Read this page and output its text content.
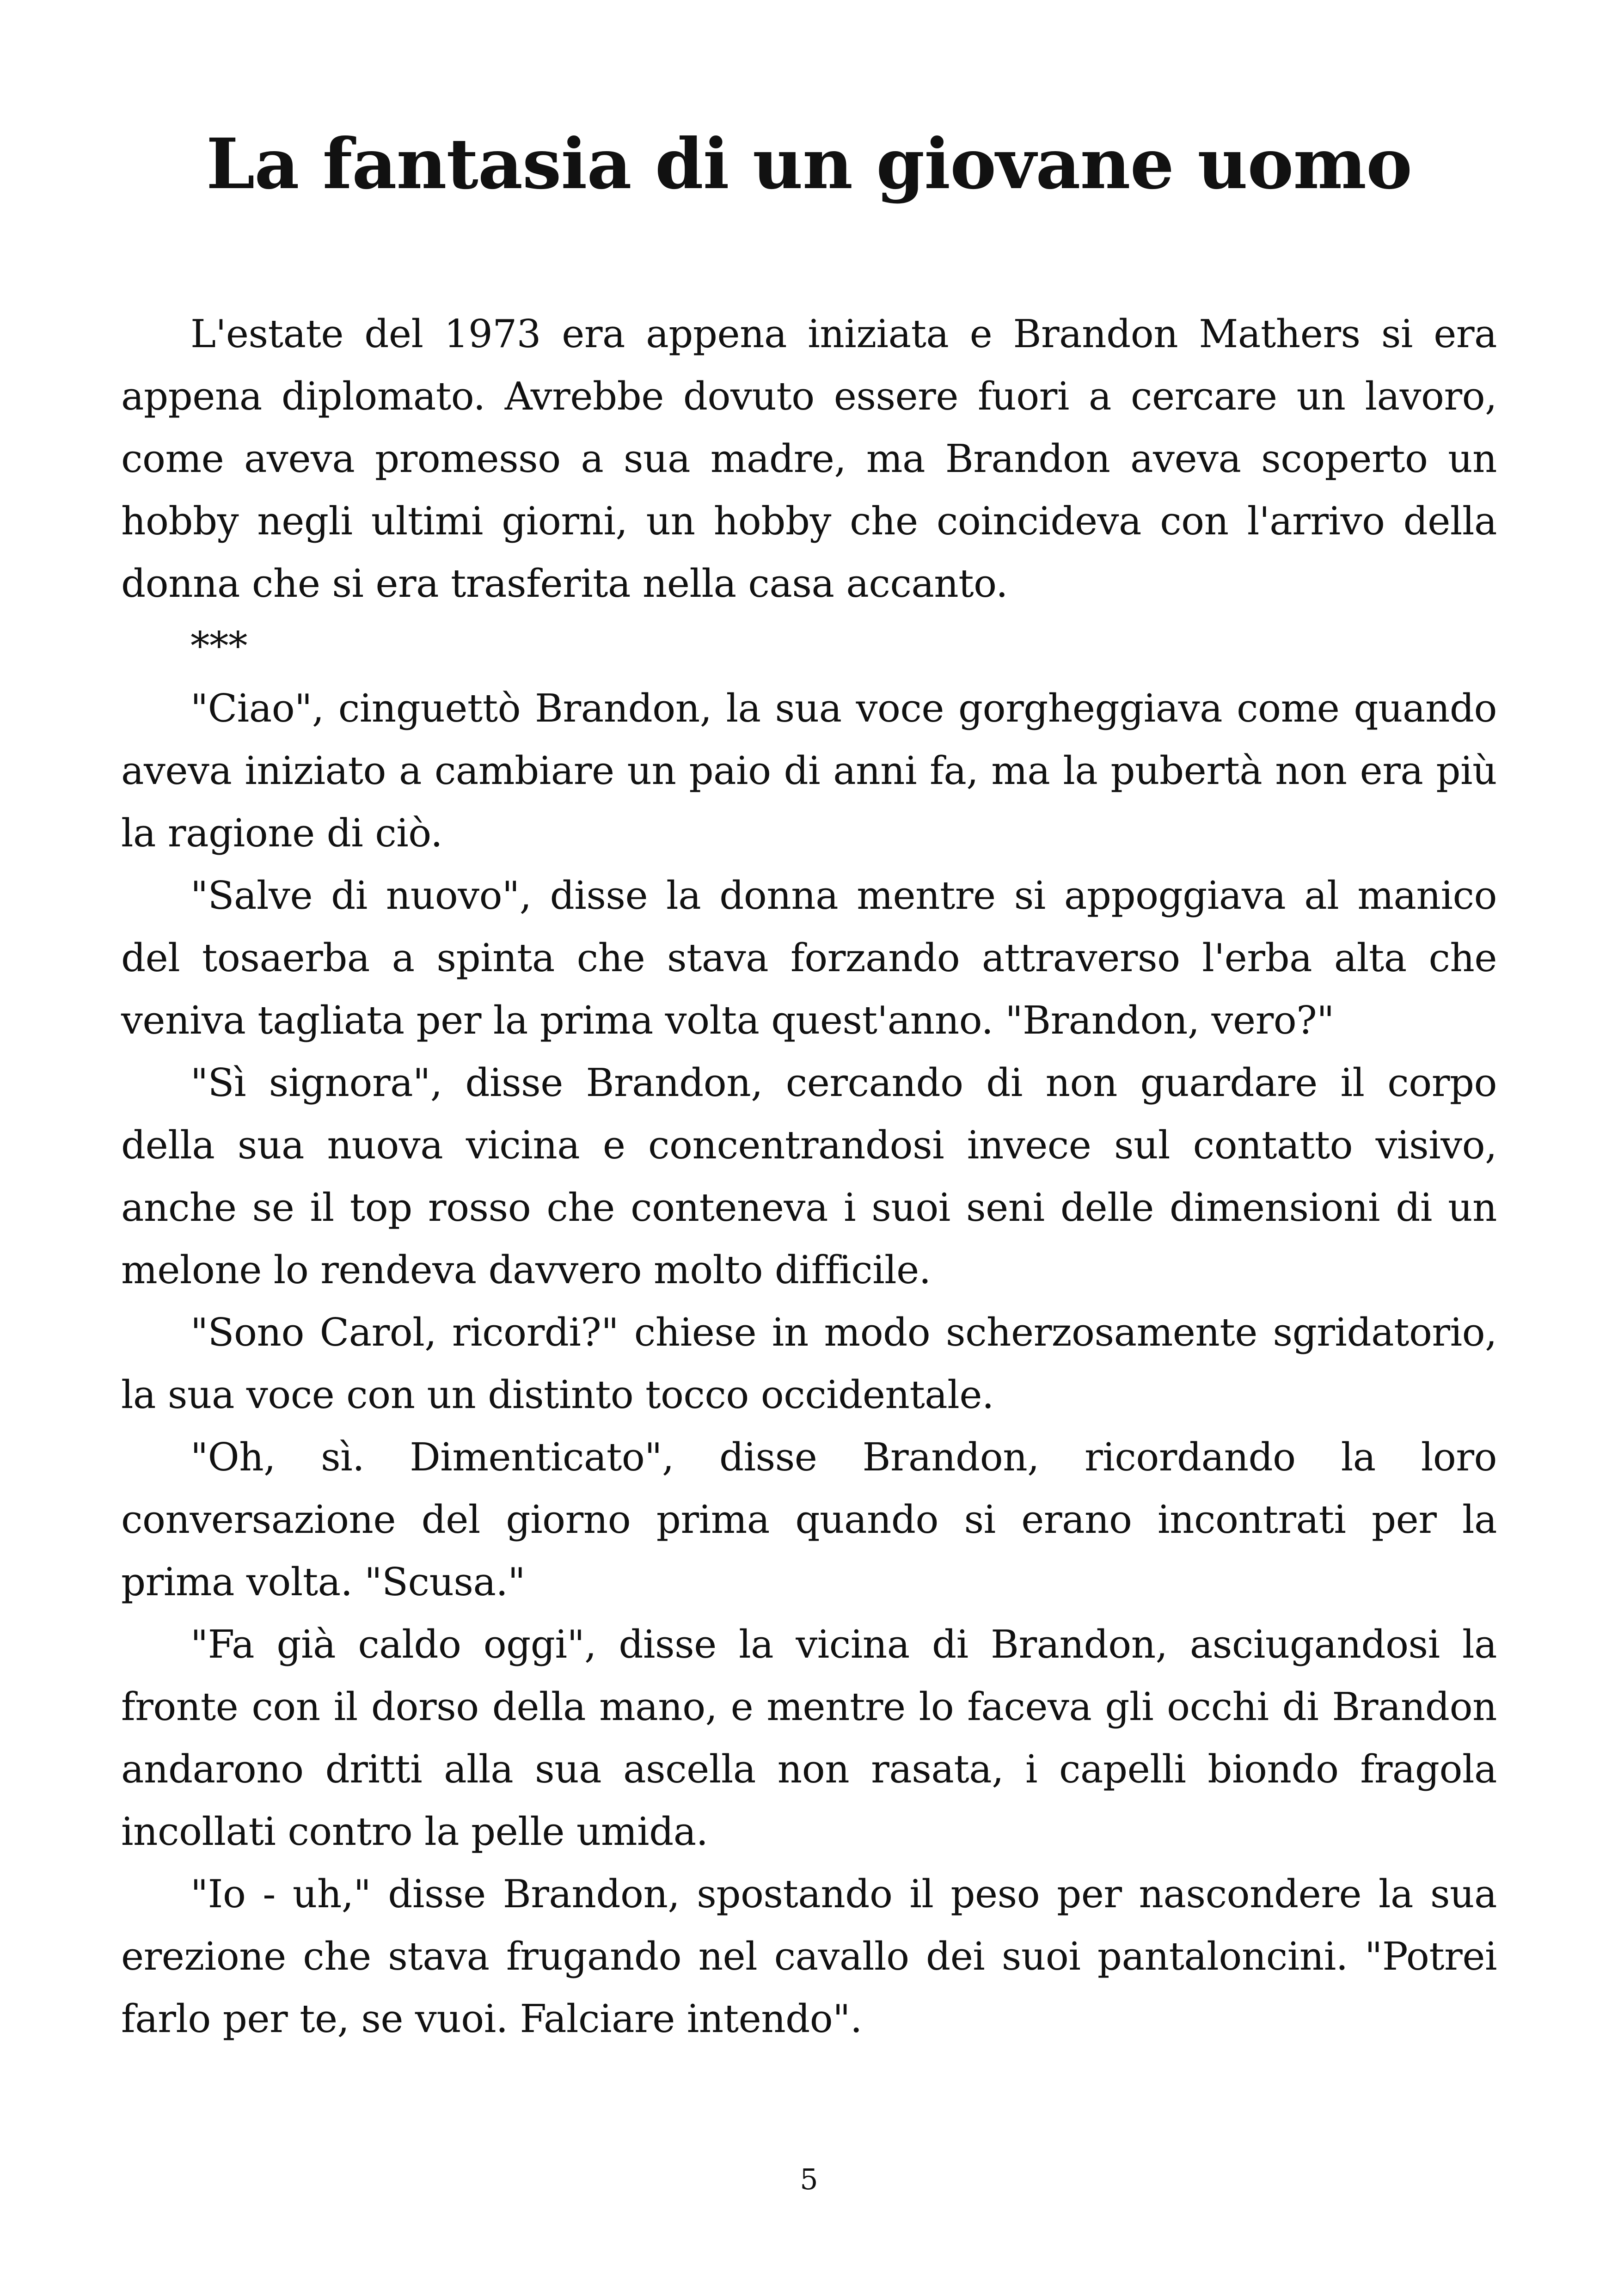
La fantasia di un giovane uomo

L'estate del 1973 era appena iniziata e Brandon Mathers si era appena diplomato. Avrebbe dovuto essere fuori a cercare un lavoro, come aveva promesso a sua madre, ma Brandon aveva scoperto un hobby negli ultimi giorni, un hobby che coincideva con l'arrivo della donna che si era trasferita nella casa accanto.

***

"Ciao", cinguettò Brandon, la sua voce gorgheggiava come quando aveva iniziato a cambiare un paio di anni fa, ma la pubertà non era più la ragione di ciò.

"Salve di nuovo", disse la donna mentre si appoggiava al manico del tosaerba a spinta che stava forzando attraverso l'erba alta che veniva tagliata per la prima volta quest'anno. "Brandon, vero?"

"Sì signora", disse Brandon, cercando di non guardare il corpo della sua nuova vicina e concentrandosi invece sul contatto visivo, anche se il top rosso che conteneva i suoi seni delle dimensioni di un melone lo rendeva davvero molto difficile.

"Sono Carol, ricordi?" chiese in modo scherzosamente sgridatorio, la sua voce con un distinto tocco occidentale.

"Oh, sì. Dimenticato", disse Brandon, ricordando la loro conversazione del giorno prima quando si erano incontrati per la prima volta. "Scusa."

"Fa già caldo oggi", disse la vicina di Brandon, asciugandosi la fronte con il dorso della mano, e mentre lo faceva gli occhi di Brandon andarono dritti alla sua ascella non rasata, i capelli biondo fragola incollati contro la pelle umida.

"Io - uh," disse Brandon, spostando il peso per nascondere la sua erezione che stava frugando nel cavallo dei suoi pantaloncini. "Potrei farlo per te, se vuoi. Falciare intendo".

5
